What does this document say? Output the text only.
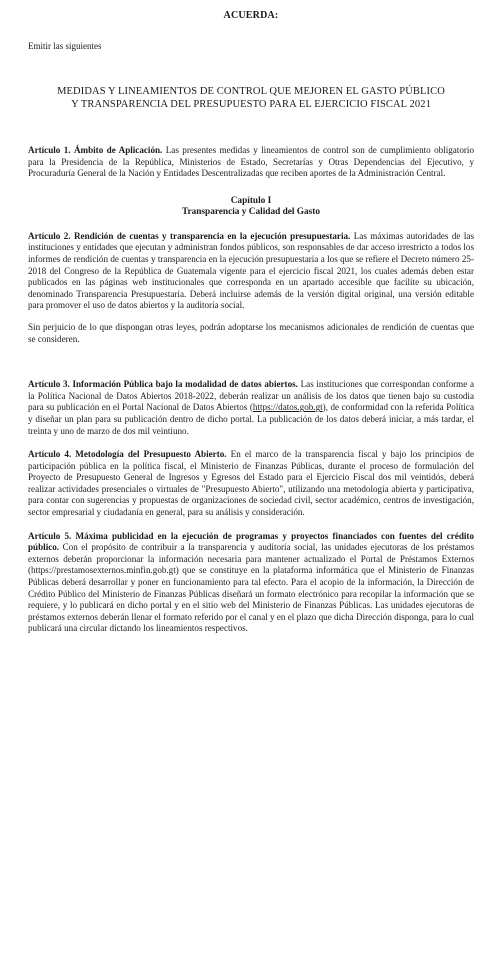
ACUERDA:
Emitir las siguientes
MEDIDAS Y LINEAMIENTOS DE CONTROL QUE MEJOREN EL GASTO PÚBLICO Y TRANSPARENCIA DEL PRESUPUESTO PARA EL EJERCICIO FISCAL 2021

Artículo 1. Ámbito de Aplicación. Las presentes medidas y lineamientos de control son de cumplimiento obligatorio para la Presidencia de la República, Ministerios de Estado, Secretarías y Otras Dependencias del Ejecutivo, y Procuraduría General de la Nación y Entidades Descentralizadas que reciben aportes de la Administración Central.

Capítulo I
Transparencia y Calidad del Gasto

Artículo 2. Rendición de cuentas y transparencia en la ejecución presupuestaria. Las máximas autoridades de las instituciones y entidades que ejecutan y administran fondos públicos, son responsables de dar acceso irrestricto a todos los informes de rendición de cuentas y transparencia en la ejecución presupuestaria a los que se refiere el Decreto número 25-2018 del Congreso de la República de Guatemala vigente para el ejercicio fiscal 2021, los cuales además deben estar publicados en las páginas web institucionales que corresponda en un apartado accesible que facilite su ubicación, denominado Transparencia Presupuestaria. Deberá incluirse además de la versión digital original, una versión editable para promover el uso de datos abiertos y la auditoría social.

Sin perjuicio de lo que dispongan otras leyes, podrán adoptarse los mecanismos adicionales de rendición de cuentas que se consideren.

Artículo 3. Información Pública bajo la modalidad de datos abiertos. Las instituciones que correspondan conforme a la Política Nacional de Datos Abiertos 2018-2022, deberán realizar un análisis de los datos que tienen bajo su custodia para su publicación en el Portal Nacional de Datos Abiertos (https://datos.gob.gt), de conformidad con la referida Política y diseñar un plan para su publicación dentro de dicho portal. La publicación de los datos deberá iniciar, a más tardar, el treinta y uno de marzo de dos mil veintiuno.

Artículo 4. Metodología del Presupuesto Abierto. En el marco de la transparencia fiscal y bajo los principios de participación pública en la política fiscal, el Ministerio de Finanzas Públicas, durante el proceso de formulación del Proyecto de Presupuesto General de Ingresos y Egresos del Estado para el Ejercicio Fiscal dos mil veintidós, deberá realizar actividades presenciales o virtuales de "Presupuesto Abierto", utilizando una metodología abierta y participativa, para contar con sugerencias y propuestas de organizaciones de sociedad civil, sector académico, centros de investigación, sector empresarial y ciudadanía en general, para su análisis y consideración.

Artículo 5. Máxima publicidad en la ejecución de programas y proyectos financiados con fuentes del crédito público. Con el propósito de contribuir a la transparencia y auditoría social, las unidades ejecutoras de los préstamos externos deberán proporcionar la información necesaria para mantener actualizado el Portal de Préstamos Externos (https://prestamosexternos.minfin.gob.gt) que se constituye en la plataforma informática que el Ministerio de Finanzas Públicas deberá desarrollar y poner en funcionamiento para tal efecto. Para el acopio de la información, la Dirección de Crédito Público del Ministerio de Finanzas Públicas diseñará un formato electrónico para recopilar la información que se requiere, y lo publicará en dicho portal y en el sitio web del Ministerio de Finanzas Públicas. Las unidades ejecutoras de préstamos externos deberán llenar el formato referido por el canal y en el plazo que dicha Dirección disponga, para lo cual publicará una circular dictando los lineamientos respectivos.
